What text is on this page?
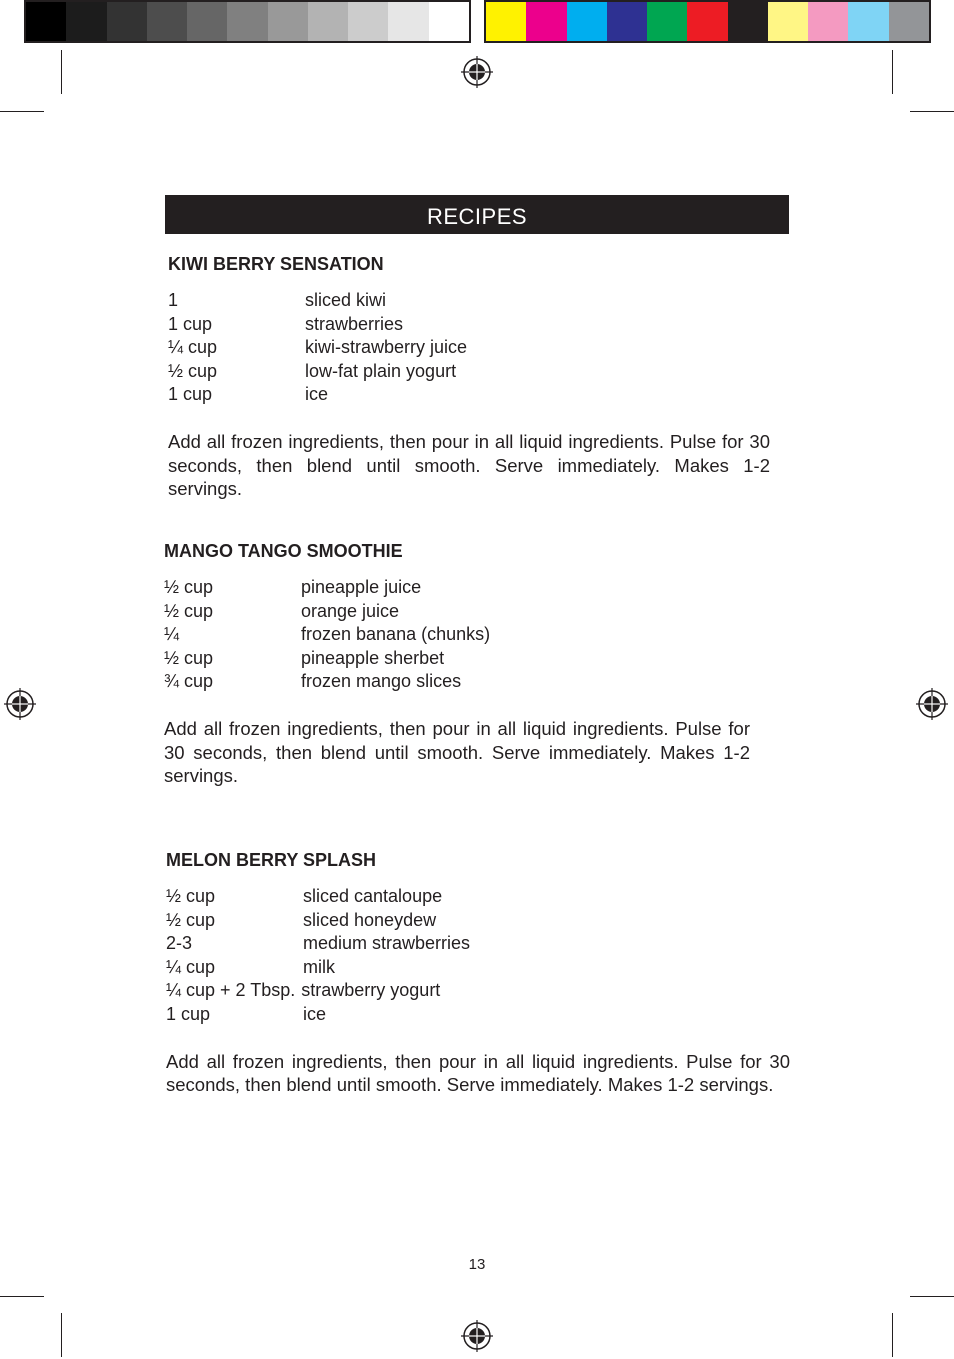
RECIPES
KIWI BERRY SENSATION
1	sliced kiwi
1 cup	strawberries
¼ cup	kiwi-strawberry juice
½ cup	low-fat plain yogurt
1 cup	ice
Add all frozen ingredients, then pour in all liquid ingredients. Pulse for 30 seconds, then blend until smooth. Serve immediately. Makes 1-2 servings.
MANGO TANGO SMOOTHIE
½ cup	pineapple juice
½ cup	orange juice
¼	frozen banana (chunks)
½ cup	pineapple sherbet
¾ cup	frozen mango slices
Add all frozen ingredients, then pour in all liquid ingredients. Pulse for 30 seconds, then blend until smooth. Serve immediately. Makes 1-2 servings.
MELON BERRY SPLASH
½ cup	sliced cantaloupe
½ cup	sliced honeydew
2-3	medium strawberries
¼ cup	milk
¼ cup + 2 Tbsp. strawberry yogurt
1 cup	ice
Add all frozen ingredients, then pour in all liquid ingredients. Pulse for 30 seconds, then blend until smooth. Serve immediately. Makes 1-2 servings.
13
